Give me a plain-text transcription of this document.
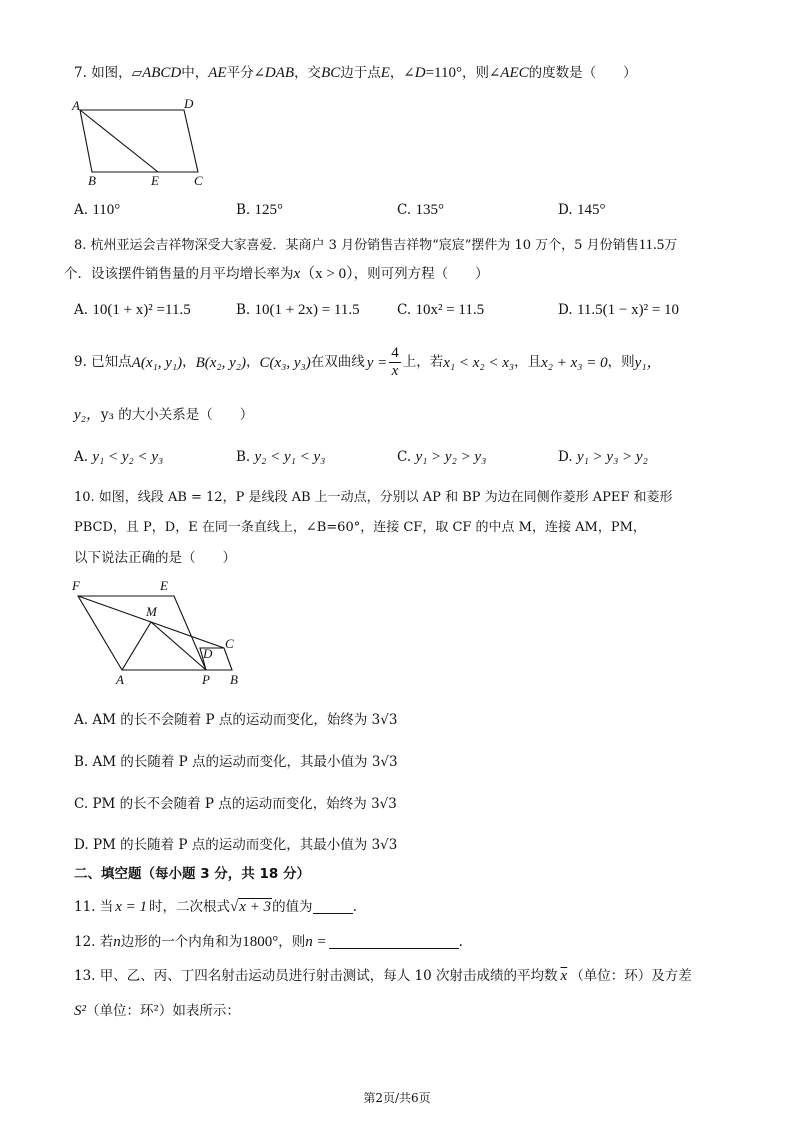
7. 如图，▱ABCD中，AE平分∠DAB，交BC边于点E，∠D=110°，则∠AEC的度数是（　　）
A	D
B	E	C
A. 110°	B. 125°	C. 135°	D. 145°
8. 杭州亚运会吉祥物深受大家喜爱．某商户 3 月份销售吉祥物“宸宸”摆件为 10 万个，5 月份销售11.5万
个．设该摆件销售量的月平均增长率为x（x > 0），则可列方程（　　）
A. 10(1 + x)² =11.5	B. 10(1 + 2x) = 11.5	C. 10x² = 11.5	D. 11.5(1 − x)² = 10
9. 已知点 A(x₁, y₁) ， B(x₂, y₂) ， C(x₃, y₃) 在双曲线 $y = \frac{4}{x}$ 上，若 x₁ < x₂ < x₃ ，且 x₂ + x₃ = 0 ，则 y₁，
y₂，y₃ 的大小关系是（　　）
A. y₁ < y₂ < y₃	B. y₂ < y₁ < y₃	C. y₁ > y₂ > y₃	D. y₁ > y₃ > y₂
10. 如图，线段 AB = 12，P 是线段 AB 上一动点，分别以 AP 和 BP 为边在同侧作菱形 APEF 和菱形
PBCD，且 P，D，E 在同一条直线上，∠B=60°，连接 CF，取 CF 的中点 M，连接 AM，PM，
以下说法正确的是（　　）
F	E
M
C
D
A	P B
A. AM 的长不会随着 P 点的运动而变化，始终为 3√3
B. AM 的长随着 P 点的运动而变化，其最小值为 3√3
C. PM 的长不会随着 P 点的运动而变化，始终为 3√3
D. PM 的长随着 P 点的运动而变化，其最小值为 3√3
二、填空题（每小题 3 分，共 18 分）
11. 当 x = 1 时，二次根式 √x + 3 的值为	.
12. 若 n 边形的一个内角和为 1800° ，则 n =	.
13. 甲、乙、丙、丁四名射击运动员进行射击测试，每人 10 次射击成绩的平均数 $\overline{x}$ （单位：环）及方差
S²（单位：环²）如表所示：
第2页/共6页
